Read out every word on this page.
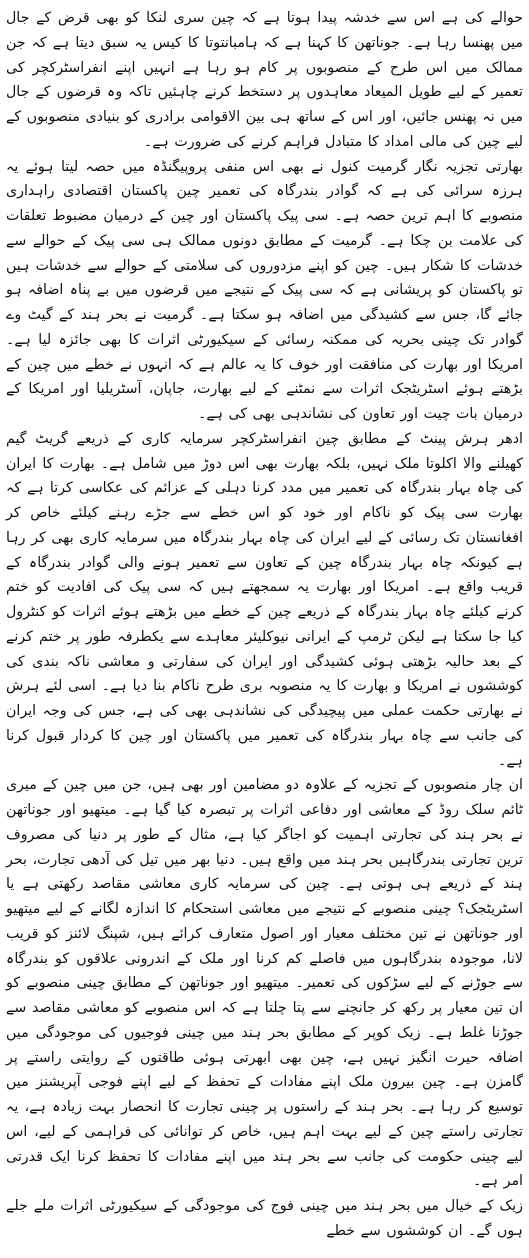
حوالے کی ہے اس سے خدشہ پیدا ہوتا ہے کہ چین سری لنکا کو بھی قرض کے جال میں پھنسا رہا ہے۔ جوناتھن کا کہنا ہے کہ ہامبانتوتا کا کیس یہ سبق دیتا ہے کہ جن ممالک میں اس طرح کے منصوبوں پر کام ہو رہا ہے انہیں اپنے انفراسٹرکچر کی تعمیر کے لیے طویل المیعاد معاہدوں پر دستخط کرنے چاہئیں تاکہ وہ قرضوں کے جال میں نہ پھنس جائیں، اور اس کے ساتھ ہی بین الاقوامی برادری کو بنیادی منصوبوں کے لیے چین کی مالی امداد کا متبادل فراہم کرنے کی ضرورت ہے۔

بھارتی تجزیہ نگار گرمیت کنول نے بھی اس منفی پروپیگنڈہ میں حصہ لیتا ہوئے یہ ہرزہ سرائی کی ہے کہ گوادر بندرگاہ کی تعمیر چین پاکستان اقتصادی راہداری منصوبے کا اہم ترین حصہ ہے۔ سی پیک پاکستان اور چین کے درمیان مضبوط تعلقات کی علامت بن چکا ہے۔ گرمیت کے مطابق دونوں ممالک ہی سی پیک کے حوالے سے خدشات کا شکار ہیں۔ چین کو اپنے مزدوروں کی سلامتی کے حوالے سے خدشات ہیں تو پاکستان کو پریشانی ہے کہ سی پیک کے نتیجے میں قرضوں میں بے پناہ اضافہ ہو جائے گا، جس سے کشیدگی میں اضافہ ہو سکتا ہے۔ گرمیت نے بحر ہند کے گیٹ وے گوادر تک چینی بحریہ کی ممکنہ رسائی کے سیکیورٹی اثرات کا بھی جائزہ لیا ہے۔ امریکا اور بھارت کی منافقت اور خوف کا یہ عالم ہے کہ انہوں نے خطے میں چین کے بڑھتے ہوئے اسٹریٹجک اثرات سے نمٹنے کے لیے بھارت، جاپان، آسٹریلیا اور امریکا کے درمیان بات چیت اور تعاون کی نشاندہی بھی کی ہے۔

ادھر ہرش پینٹ کے مطابق چین انفراسٹرکچر سرمایہ کاری کے ذریعے گریٹ گیم کھیلنے والا اکلوتا ملک نہیں، بلکہ بھارت بھی اس دوڑ میں شامل ہے۔ بھارت کا ایران کی چاہ بہار بندرگاہ کی تعمیر میں مدد کرنا دہلی کے عزائم کی عکاسی کرتا ہے کہ بھارت سی پیک کو ناکام اور خود کو اس خطے سے جڑے رہنے کیلئے خاص کر افغانستان تک رسائی کے لیے ایران کی چاہ بہار بندرگاہ میں سرمایہ کاری بھی کر رہا ہے کیونکہ چاہ بہار بندرگاہ چین کے تعاون سے تعمیر ہونے والی گوادر بندرگاہ کے قریب واقع ہے۔ امریکا اور بھارت یہ سمجھتے ہیں کہ سی پیک کی افادیت کو ختم کرنے کیلئے چاہ بہار بندرگاہ کے ذریعے چین کے خطے میں بڑھتے ہوئے اثرات کو کنٹرول کیا جا سکتا ہے لیکن ٹرمپ کے ایرانی نیوکلیئر معاہدے سے یکطرفہ طور پر ختم کرنے کے بعد حالیہ بڑھتی ہوئی کشیدگی اور ایران کی سفارتی و معاشی ناکہ بندی کی کوششوں نے امریکا و بھارت کا یہ منصوبہ بری طرح ناکام بنا دیا ہے۔ اسی لئے ہرش نے بھارتی حکمت عملی میں پیچیدگی کی نشاندہی بھی کی ہے، جس کی وجہ ایران کی جانب سے چاہ بہار بندرگاہ کی تعمیر میں پاکستان اور چین کا کردار قبول کرنا ہے۔

ان چار منصوبوں کے تجزیہ کے علاوہ دو مضامین اور بھی ہیں، جن میں چین کے میری ٹائم سلک روڈ کے معاشی اور دفاعی اثرات پر تبصرہ کیا گیا ہے۔ میتھیو اور جوناتھن نے بحر ہند کی تجارتی اہمیت کو اجاگر کیا ہے، مثال کے طور پر دنیا کی مصروف ترین تجارتی بندرگاہیں بحر ہند میں واقع ہیں۔ دنیا بھر میں تیل کی آدھی تجارت، بحر ہند کے ذریعے ہی ہوتی ہے۔ چین کی سرمایہ کاری معاشی مقاصد رکھتی ہے یا اسٹریٹجک؟ چینی منصوبے کے نتیجے میں معاشی استحکام کا اندازہ لگانے کے لیے میتھیو اور جوناتھن نے تین مختلف معیار اور اصول متعارف کرائے ہیں، شپنگ لائنز کو قریب لانا، موجودہ بندرگاہوں میں فاصلے کم کرنا اور ملک کے اندرونی علاقوں کو بندرگاہ سے جوڑنے کے لیے سڑکوں کی تعمیر۔ میتھیو اور جوناتھن کے مطابق چینی منصوبے کو ان تین معیار پر رکھ کر جانچنے سے پتا چلتا ہے کہ اس منصوبے کو معاشی مقاصد سے جوڑنا غلط ہے۔ زیک کوپر کے مطابق بحر ہند میں چینی فوجیوں کی موجودگی میں اضافہ حیرت انگیز نہیں ہے، چین بھی ابھرتی ہوئی طاقتوں کے روایتی راستے پر گامزن ہے۔ چین بیرون ملک اپنے مفادات کے تحفظ کے لیے اپنے فوجی آپریشنز میں توسیع کر رہا ہے۔ بحر ہند کے راستوں پر چینی تجارت کا انحصار بہت زیادہ ہے، یہ تجارتی راستے چین کے لیے بہت اہم ہیں، خاص کر توانائی کی فراہمی کے لیے، اس لیے چینی حکومت کی جانب سے بحر ہند میں اپنے مفادات کا تحفظ کرنا ایک قدرتی امر ہے۔

زیک کے خیال میں بحر ہند میں چینی فوج کی موجودگی کے سیکیورٹی اثرات ملے جلے ہوں گے۔ ان کوششوں سے خطے
